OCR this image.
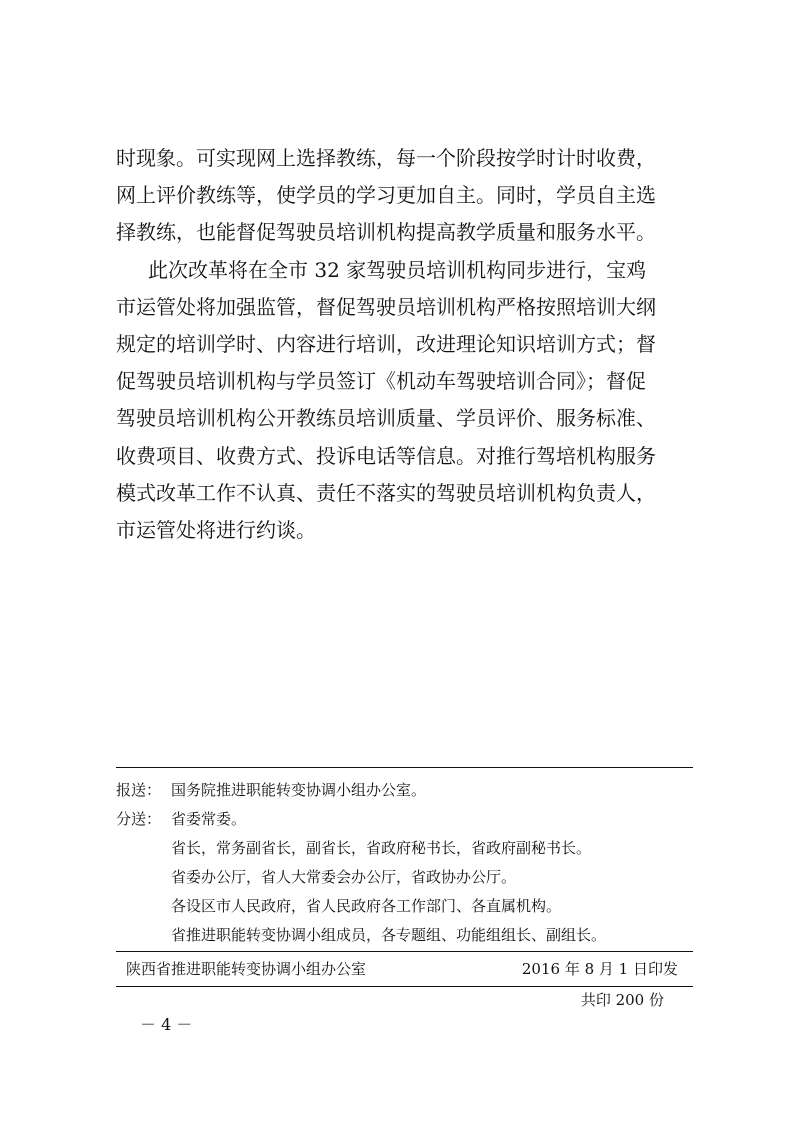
时现象。可实现网上选择教练，每一个阶段按学时计时收费，
网上评价教练等，使学员的学习更加自主。同时，学员自主选
择教练，也能督促驾驶员培训机构提高教学质量和服务水平。
此次改革将在全市 32 家驾驶员培训机构同步进行，宝鸡
市运管处将加强监管，督促驾驶员培训机构严格按照培训大纲
规定的培训学时、内容进行培训，改进理论知识培训方式；督
促驾驶员培训机构与学员签订《机动车驾驶培训合同》；督促
驾驶员培训机构公开教练员培训质量、学员评价、服务标准、
收费项目、收费方式、投诉电话等信息。对推行驾培机构服务
模式改革工作不认真、责任不落实的驾驶员培训机构负责人，
市运管处将进行约谈。
报送： 国务院推进职能转变协调小组办公室。
分送： 省委常委。
省长，常务副省长，副省长，省政府秘书长，省政府副秘书长。
省委办公厅，省人大常委会办公厅，省政协办公厅。
各设区市人民政府，省人民政府各工作部门、各直属机构。
省推进职能转变协调小组成员，各专题组、功能组组长、副组长。
陕西省推进职能转变协调小组办公室	2016 年 8 月 1 日印发
共印 200 份
－ 4 －
